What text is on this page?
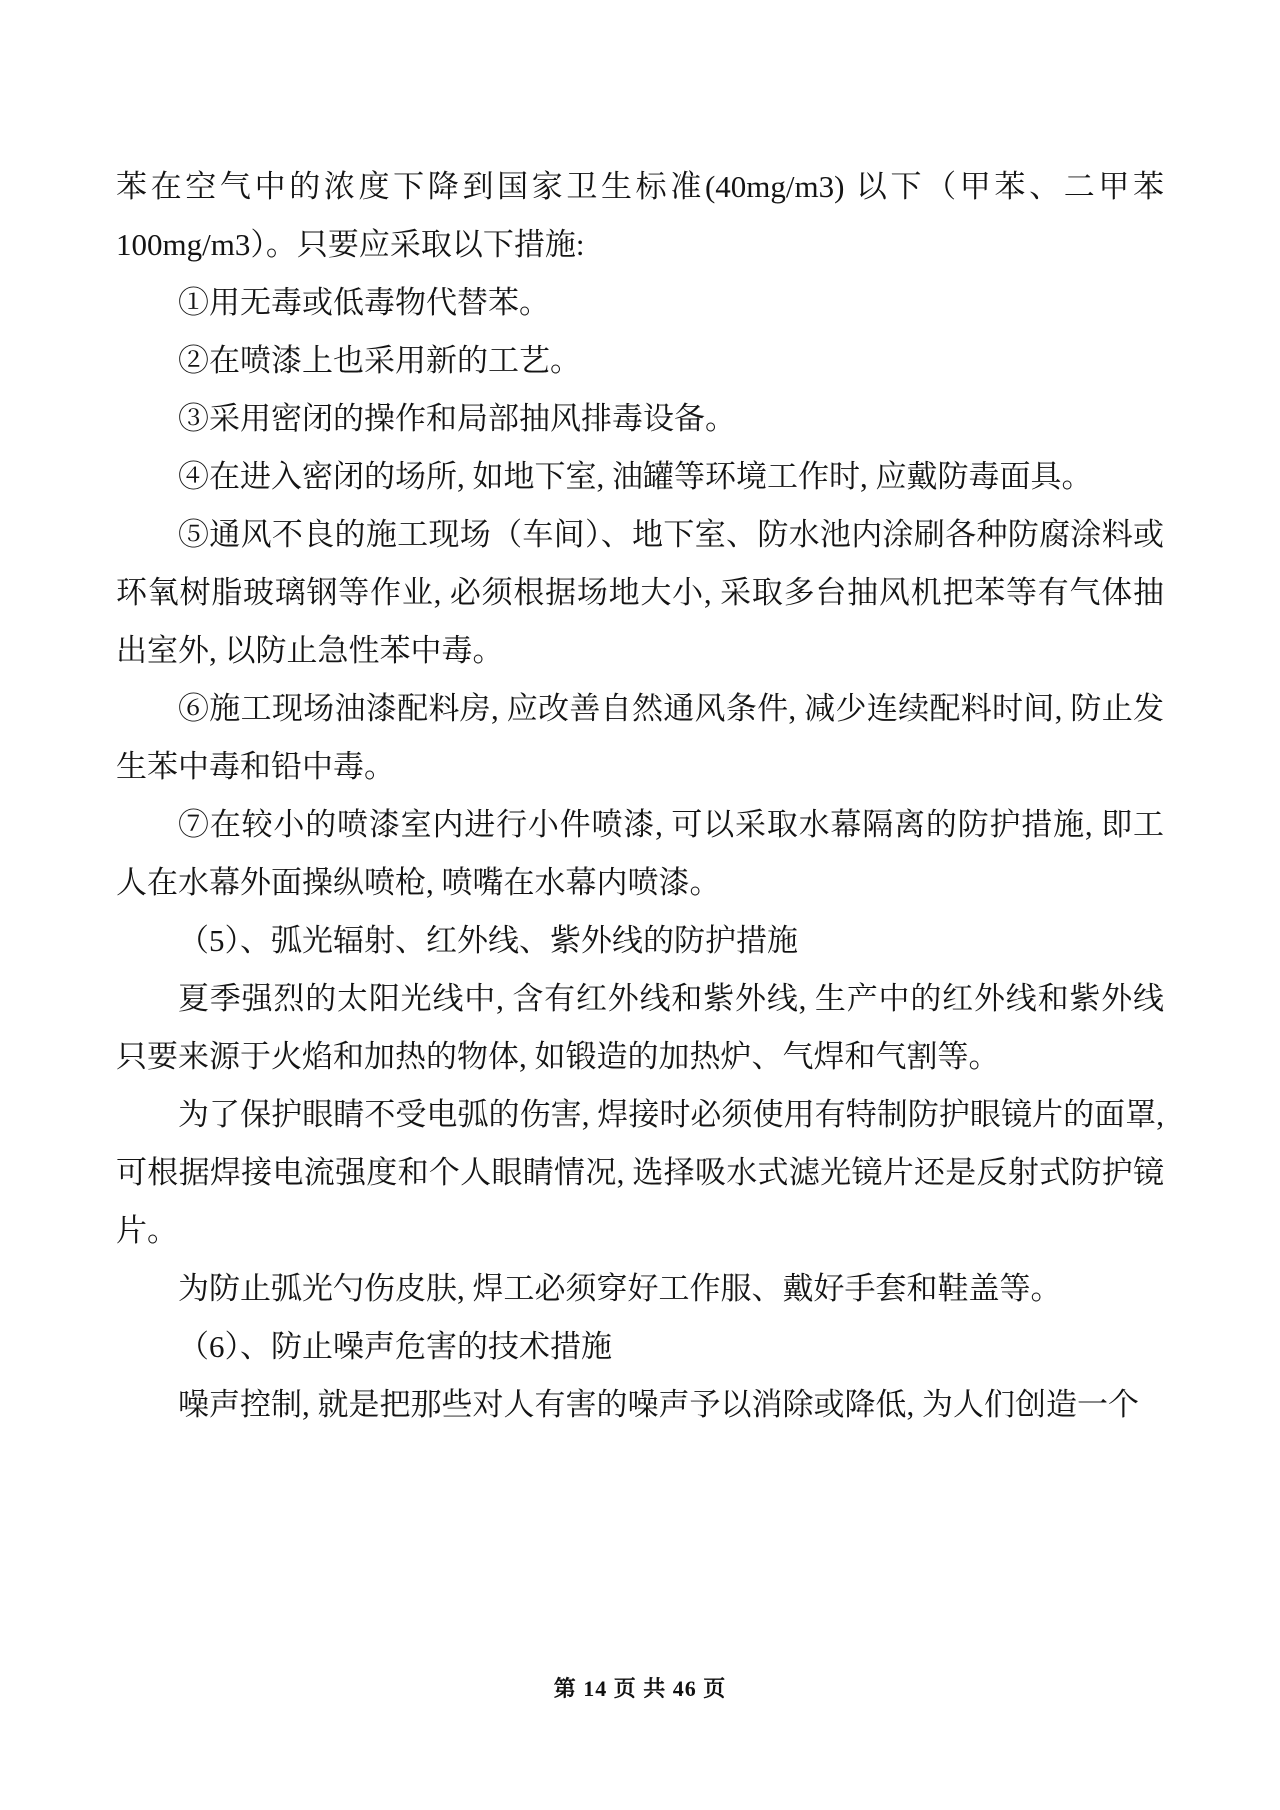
苯在空气中的浓度下降到国家卫生标准(40mg/m3) 以下（甲苯、二甲苯100mg/m3）。只要应采取以下措施:

①用无毒或低毒物代替苯。

②在喷漆上也采用新的工艺。

③采用密闭的操作和局部抽风排毒设备。

④在进入密闭的场所, 如地下室, 油罐等环境工作时, 应戴防毒面具。

⑤通风不良的施工现场（车间）、地下室、防水池内涂刷各种防腐涂料或环氧树脂玻璃钢等作业, 必须根据场地大小, 采取多台抽风机把苯等有气体抽出室外, 以防止急性苯中毒。

⑥施工现场油漆配料房, 应改善自然通风条件, 减少连续配料时间, 防止发生苯中毒和铅中毒。

⑦在较小的喷漆室内进行小件喷漆, 可以采取水幕隔离的防护措施, 即工人在水幕外面操纵喷枪, 喷嘴在水幕内喷漆。

（5）、弧光辐射、红外线、紫外线的防护措施

夏季强烈的太阳光线中, 含有红外线和紫外线, 生产中的红外线和紫外线只要来源于火焰和加热的物体, 如锻造的加热炉、气焊和气割等。

为了保护眼睛不受电弧的伤害, 焊接时必须使用有特制防护眼镜片的面罩, 可根据焊接电流强度和个人眼睛情况, 选择吸水式滤光镜片还是反射式防护镜片。

为防止弧光勺伤皮肤, 焊工必须穿好工作服、戴好手套和鞋盖等。

（6）、防止噪声危害的技术措施

噪声控制, 就是把那些对人有害的噪声予以消除或降低, 为人们创造一个

第 14 页 共 46 页
